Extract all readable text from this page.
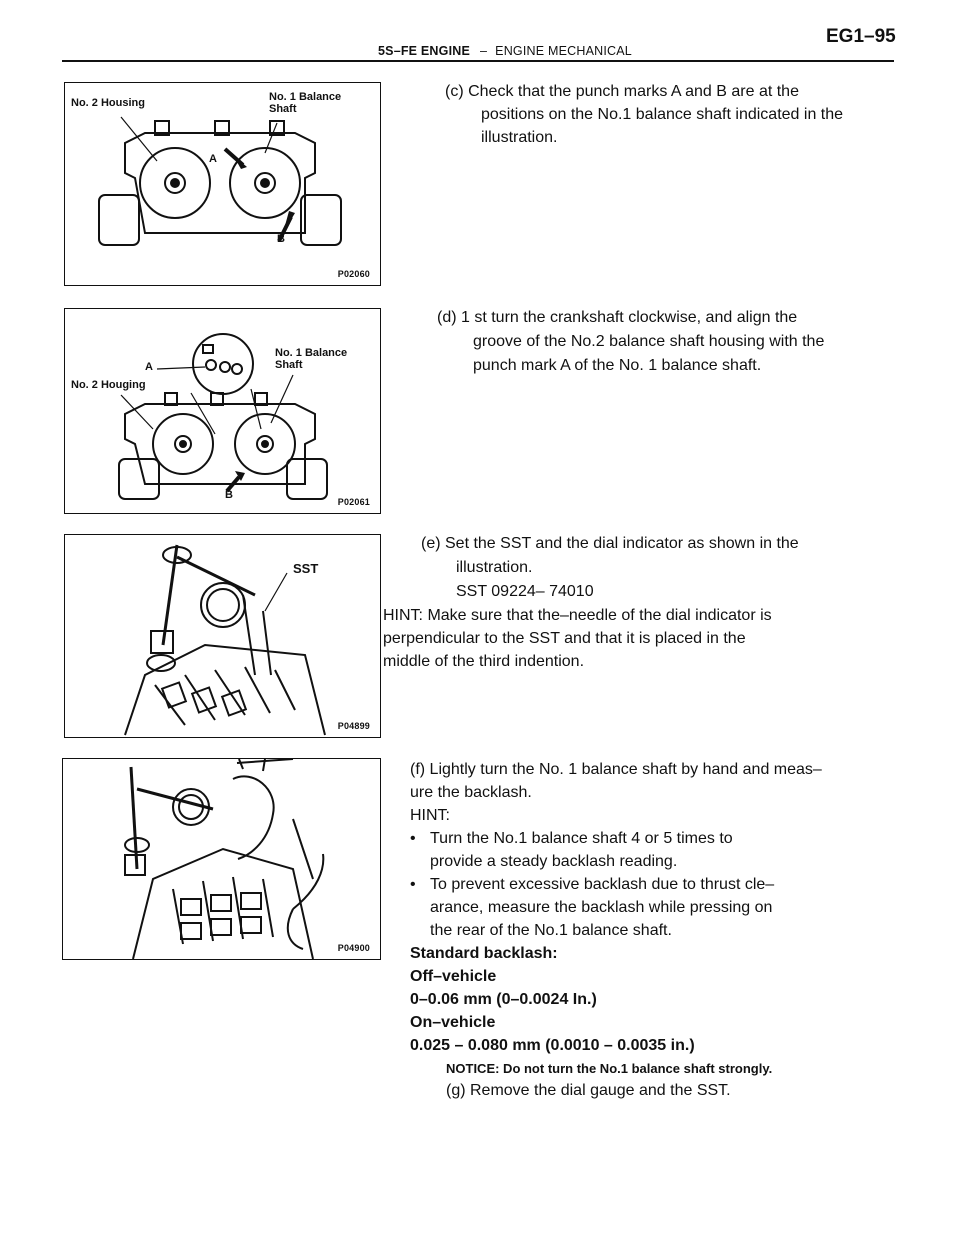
5S–FE ENGINE – ENGINE MECHANICAL
EG1–95
No. 2 Housing	No. 1 Balance
Shaft
A
B
P02060
(c) Check that the punch marks A and B are at the
positions on the No.1 balance shaft indicated in the
illustration.
A
No. 2 Houging
No. 1 Balance
Shaft
B
P02061
(d) 1 st turn the crankshaft clockwise, and align the
groove of the No.2 balance shaft housing with the
punch mark A of the No. 1 balance shaft.
SST
P04899
(e) Set the SST and the dial indicator as shown in the
illustration.
SST 09224– 74010
HINT: Make sure that the–needle of the dial indicator is
perpendicular to the SST and that it is placed in the
middle of the third indention.
P04900
(f) Lightly turn the No. 1 balance shaft by hand and meas–
ure the backlash.
HINT:
• Turn the No.1 balance shaft 4 or 5 times to
provide a steady backlash reading.
• To prevent excessive backlash due to thrust cle–
arance, measure the backlash while pressing on
the rear of the No.1 balance shaft.
Standard backlash:
Off–vehicle
0–0.06 mm (0–0.0024 In.)
On–vehicle
0.025 – 0.080 mm (0.0010 – 0.0035 in.)
NOTICE: Do not turn the No.1 balance shaft strongly.
(g) Remove the dial gauge and the SST.
